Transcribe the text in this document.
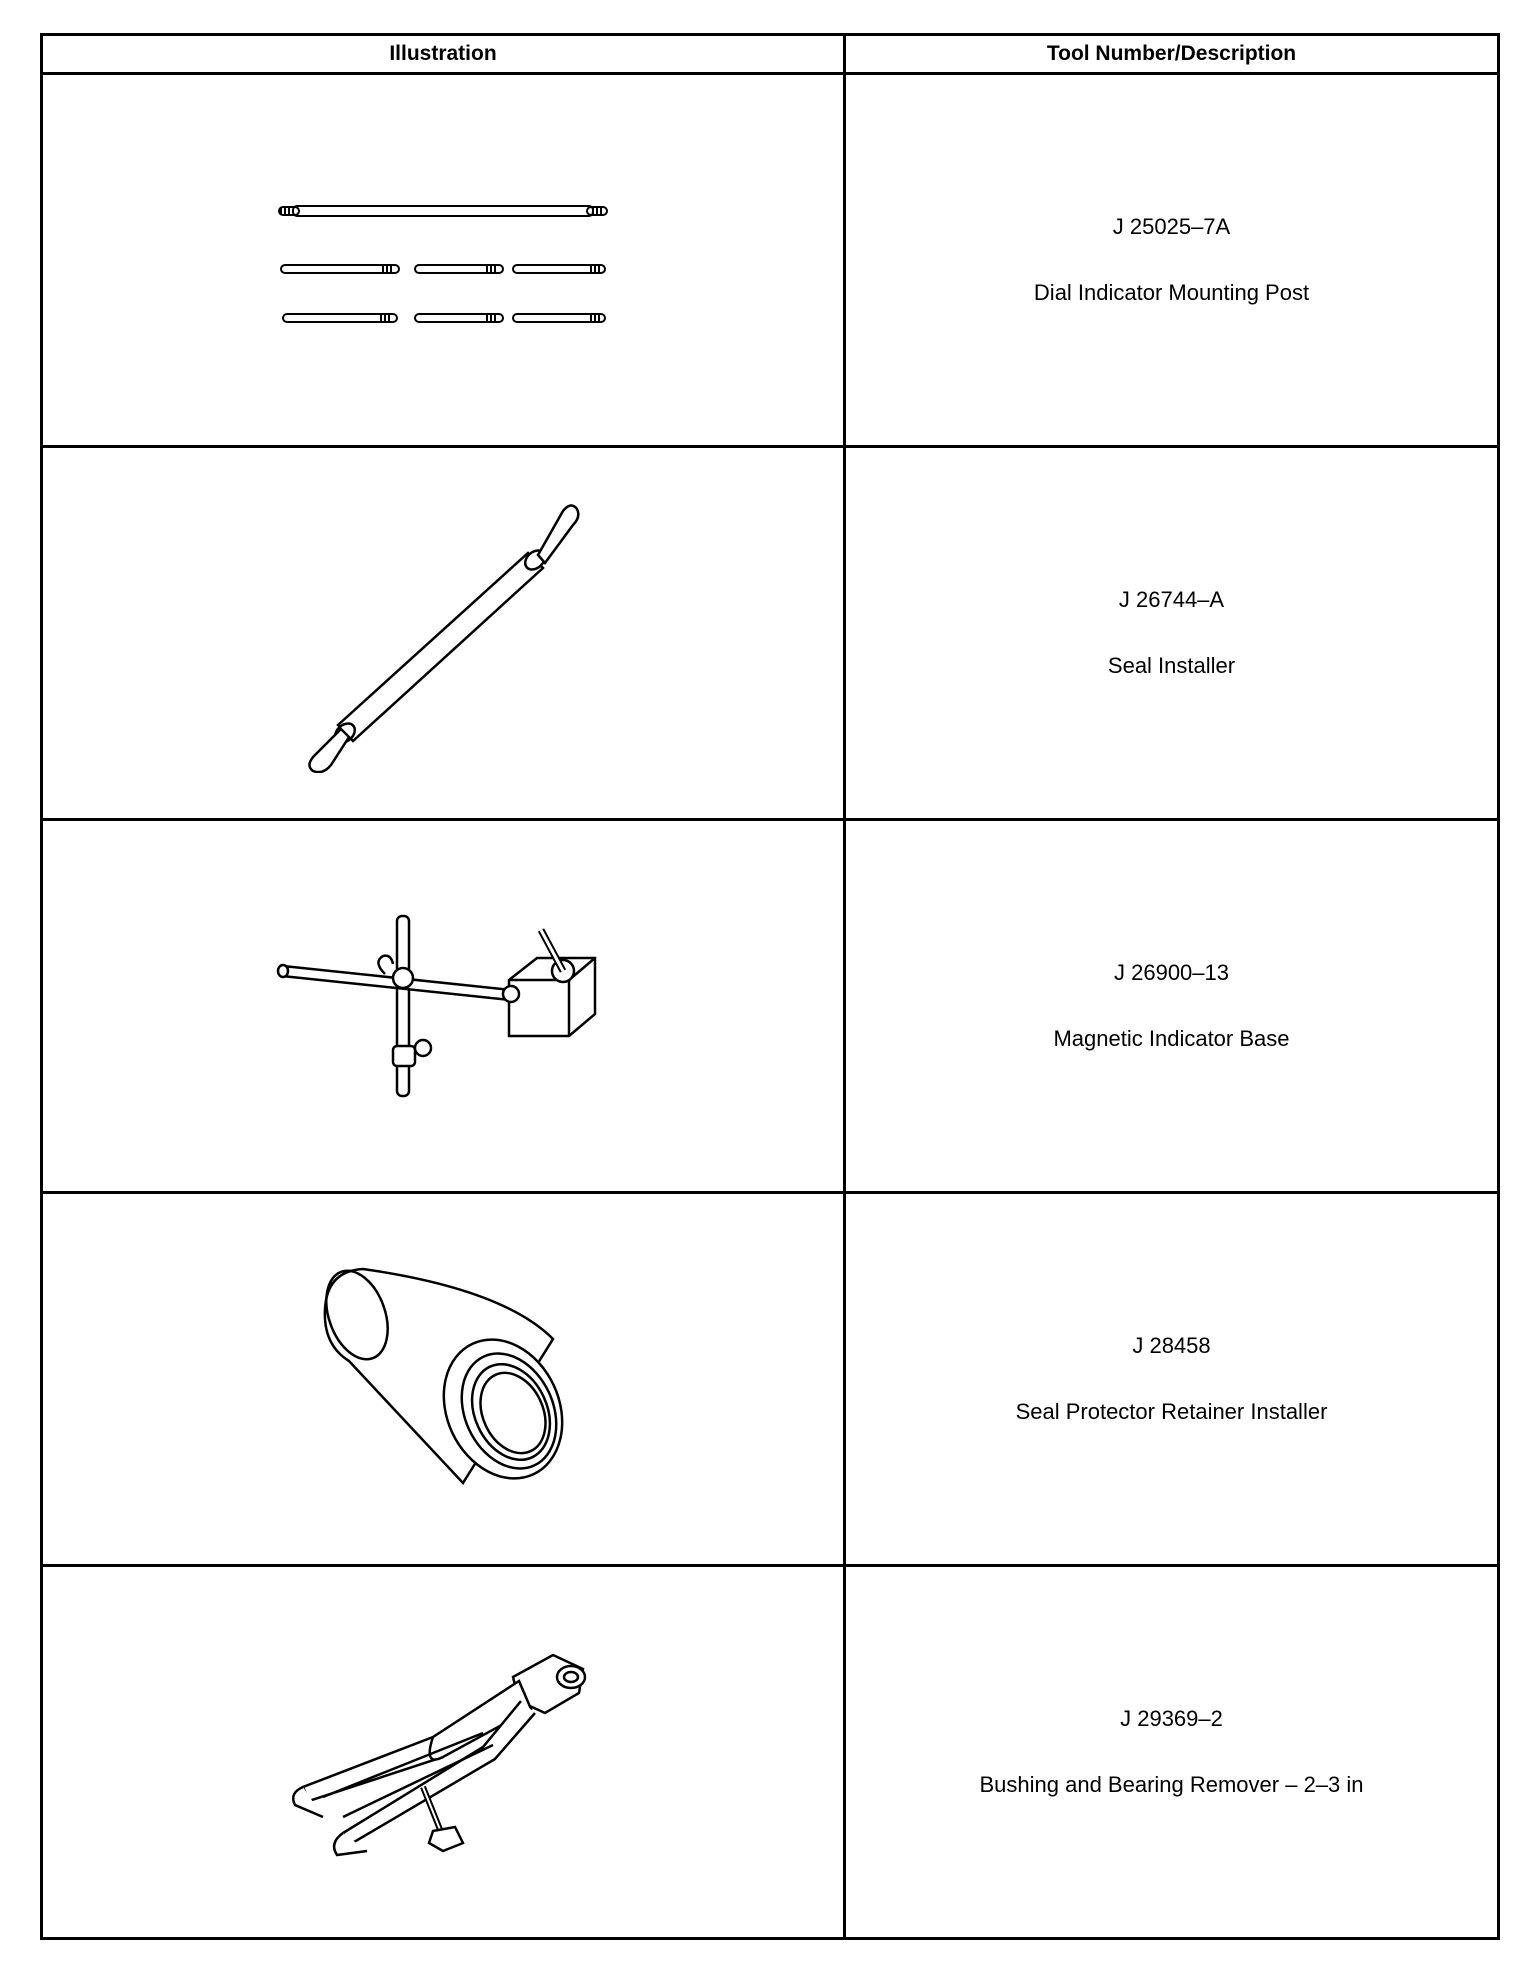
Illustration	Tool Number/Description

J 25025–7A
Dial Indicator Mounting Post

J 26744–A
Seal Installer

J 26900–13
Magnetic Indicator Base

J 28458
Seal Protector Retainer Installer

J 29369–2
Bushing and Bearing Remover – 2–3 in
